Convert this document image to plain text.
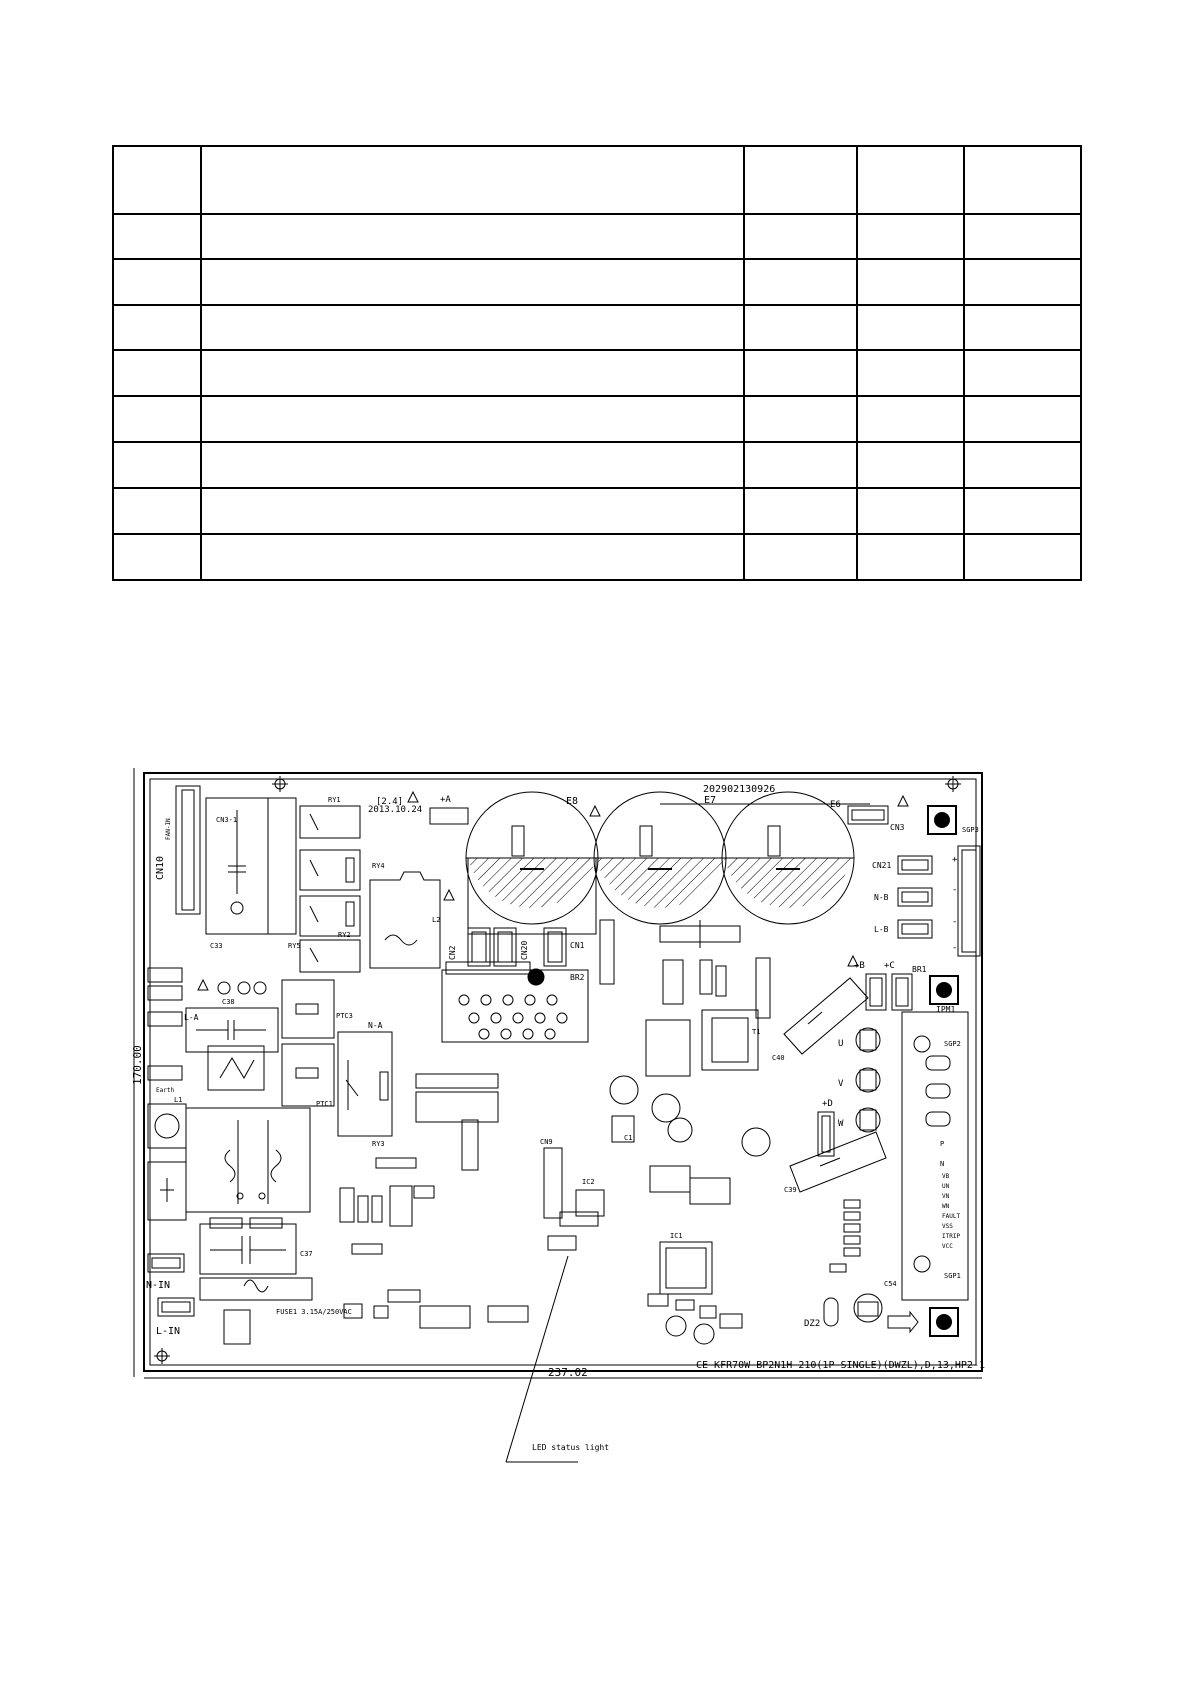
237.02
170.00
202902130926
[2.4]
2013.10.24
E7
E8	E6
CN10
FAN-IN	CN3-1
C33
RY1
RY4
RY2
RY5
L2
CN3
CN21
N-B
L-B
+
-
-
-
SGP3
CN2	CN20	CN1
BR2
L-A
Earth
C38
PTC3
PTC1
N-A
RY3
L1
C37
FUSE1 3.15A/250VAC
N-IN
L-IN
CN9
IC1
C1
IC2
T1
+B +C BR1
IPM1
+D
+A
C40
C39
U
V
W
P
N
SGP2
SGP1
VB
UN
VN
WN
FAULT
VSS
ITRIP
VCC
C54
DZ2
CE-KFR70W-BP2N1H-210(1P-SINGLE)(DWZL),D,13,HP2-1
LED status light
